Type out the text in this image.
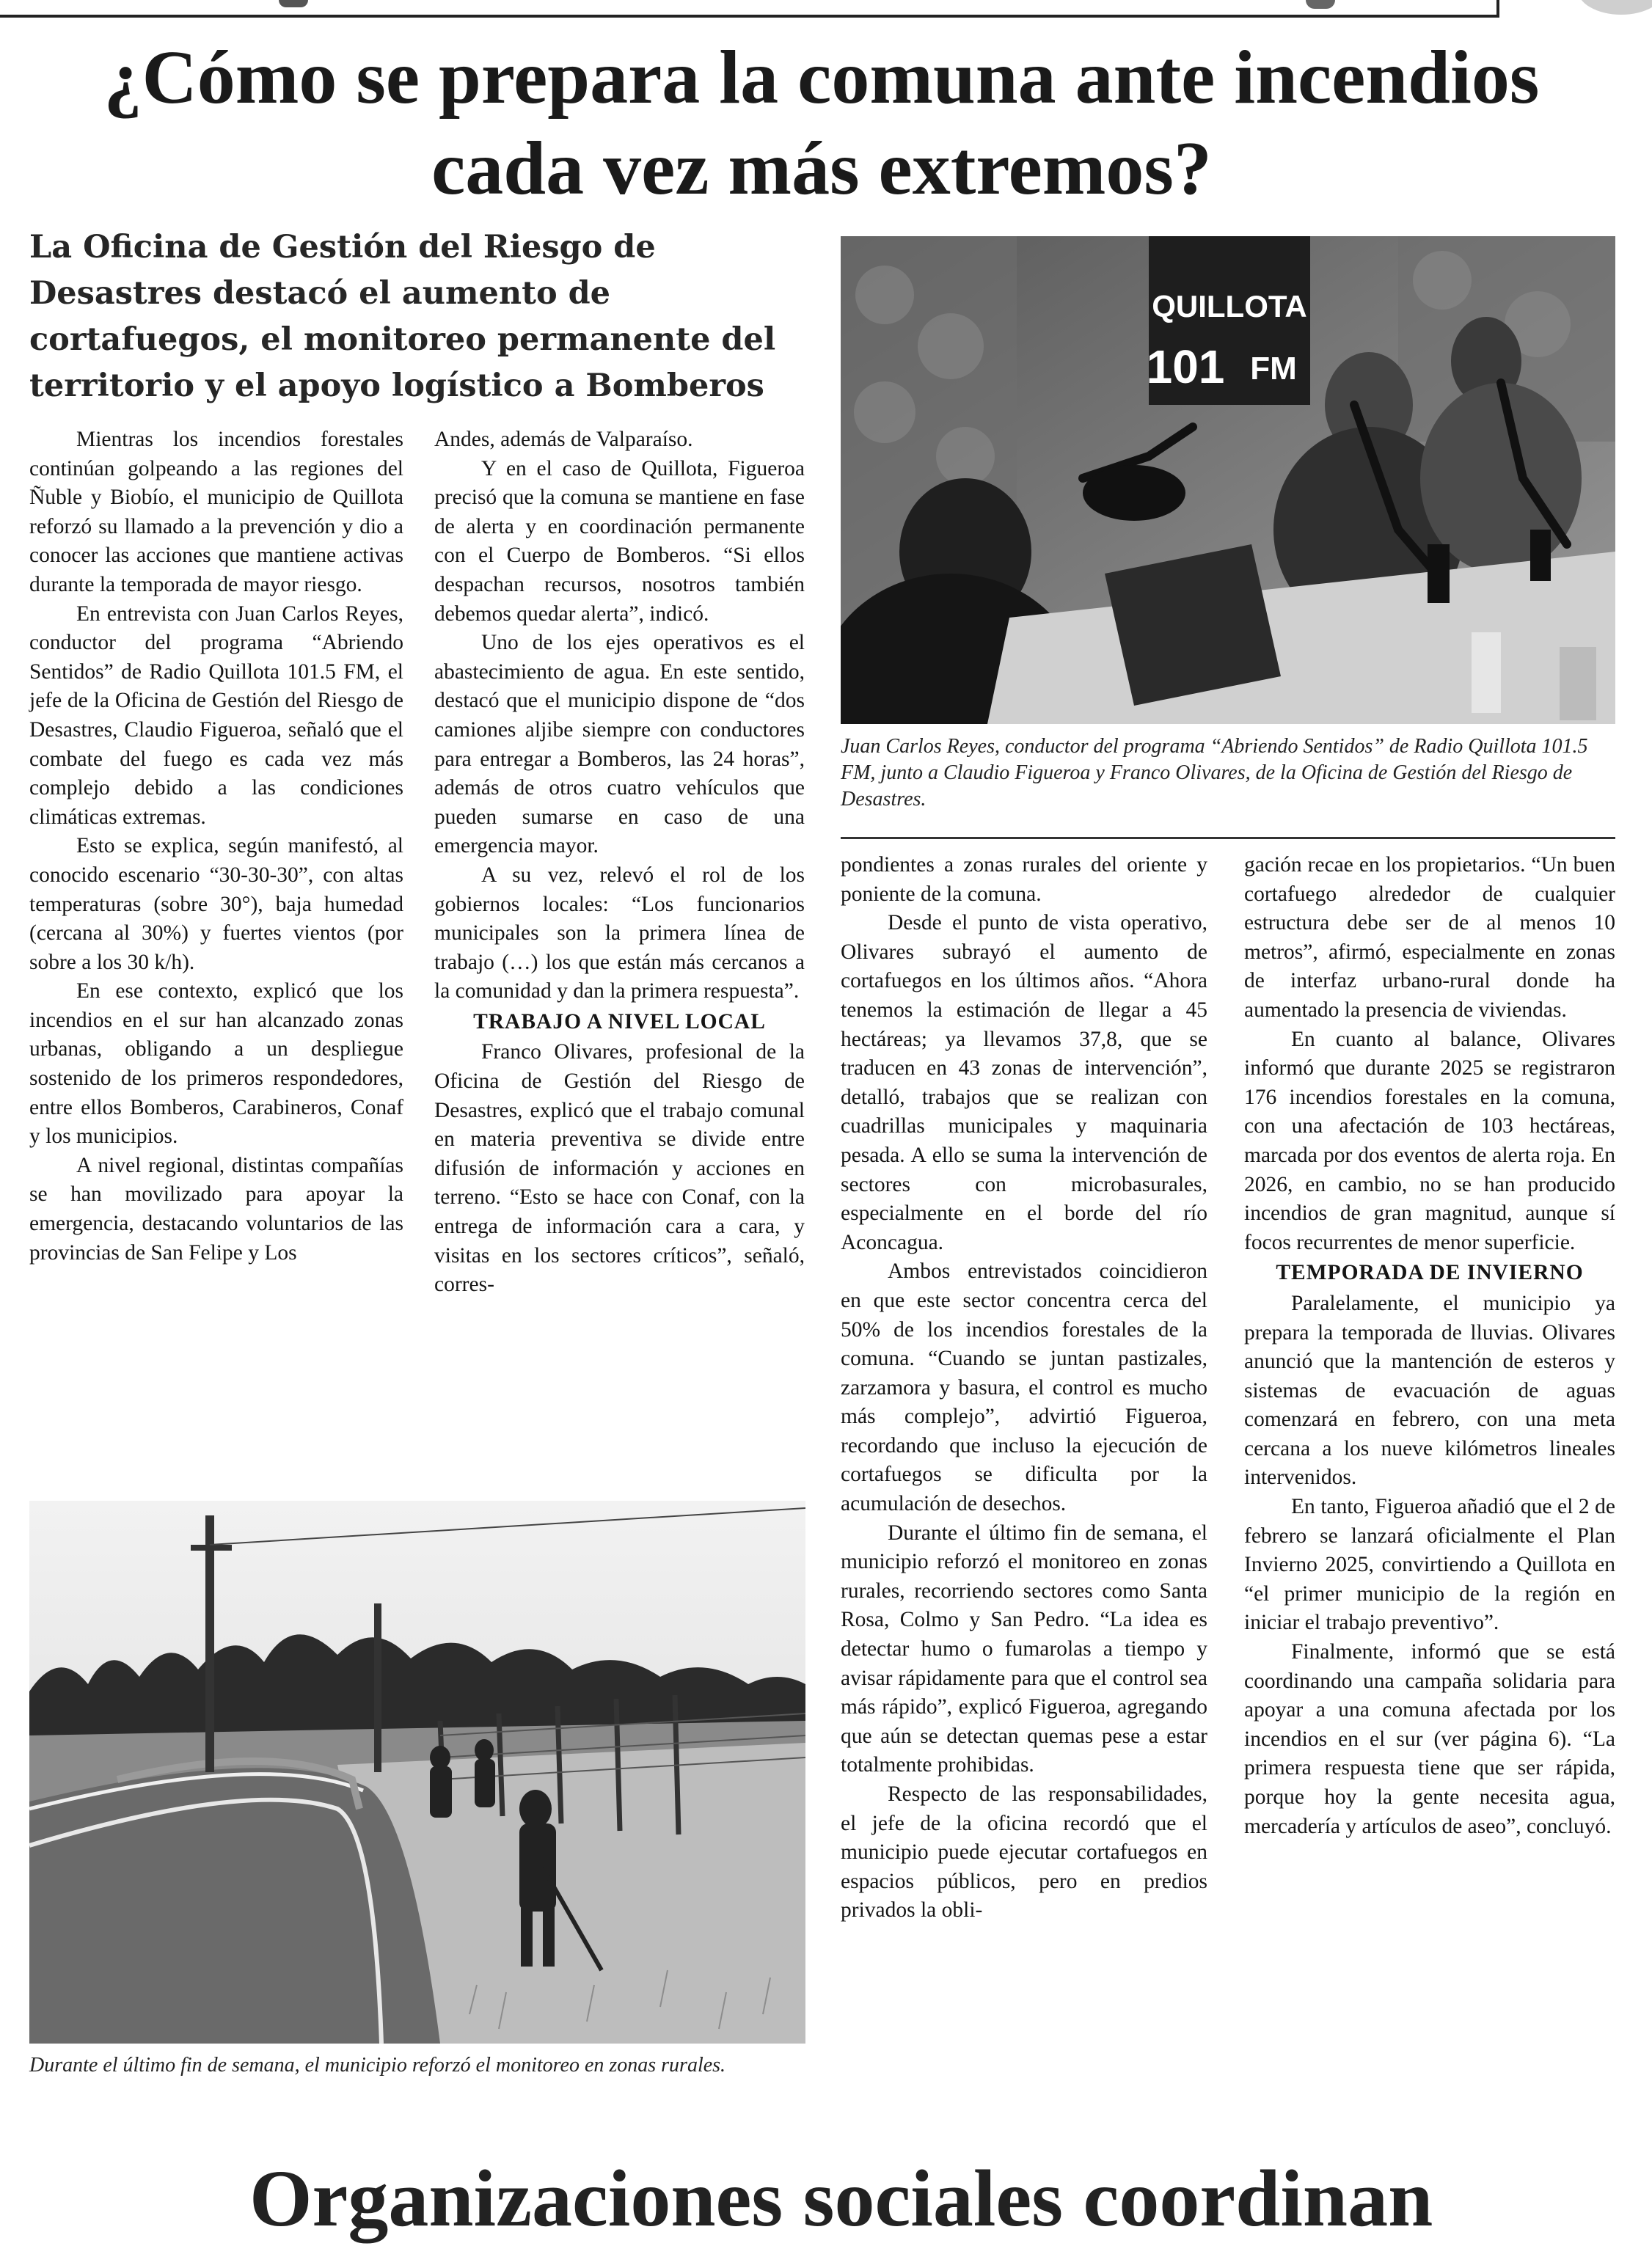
¿Cómo se prepara la comuna ante incendios cada vez más extremos?
La Oficina de Gestión del Riesgo de Desastres destacó el aumento de cortafuegos, el monitoreo permanente del territorio y el apoyo logístico a Bomberos

Mientras los incendios forestales continúan golpeando a las regiones del Ñuble y Biobío, el municipio de Quillota reforzó su llamado a la prevención y dio a conocer las acciones que mantiene activas durante la temporada de mayor riesgo.

En entrevista con Juan Carlos Reyes, conductor del programa “Abriendo Sentidos” de Radio Quillota 101.5 FM, el jefe de la Oficina de Gestión del Riesgo de Desastres, Claudio Figueroa, señaló que el combate del fuego es cada vez más complejo debido a las condiciones climáticas extremas.

Esto se explica, según manifestó, al conocido escenario “30-30-30”, con altas temperaturas (sobre 30°), baja humedad (cercana al 30%) y fuertes vientos (por sobre a los 30 k/h).

En ese contexto, explicó que los incendios en el sur han alcanzado zonas urbanas, obligando a un despliegue sostenido de los primeros respondedores, entre ellos Bomberos, Carabineros, Conaf y los municipios.

A nivel regional, distintas compañías se han movilizado para apoyar la emergencia, destacando voluntarios de las provincias de San Felipe y Los

Andes, además de Valparaíso.

Y en el caso de Quillota, Figueroa precisó que la comuna se mantiene en fase de alerta y en coordinación permanente con el Cuerpo de Bomberos. “Si ellos despachan recursos, nosotros también debemos quedar alerta”, indicó.

Uno de los ejes operativos es el abastecimiento de agua. En este sentido, destacó que el municipio dispone de “dos camiones aljibe siempre con conductores para entregar a Bomberos, las 24 horas”, además de otros cuatro vehículos que pueden sumarse en caso de una emergencia mayor.

A su vez, relevó el rol de los gobiernos locales: “Los funcionarios municipales son la primera línea de trabajo (…) los que están más cercanos a la comunidad y dan la primera respuesta”.

TRABAJO A NIVEL LOCAL

Franco Olivares, profesional de la Oficina de Gestión del Riesgo de Desastres, explicó que el trabajo comunal en materia preventiva se divide entre difusión de información y acciones en terreno. “Esto se hace con Conaf, con la entrega de información cara a cara, y visitas en los sectores críticos”, señaló, corres-

QUILLOTA
101 FM

Juan Carlos Reyes, conductor del programa “Abriendo Sentidos” de Radio Quillota 101.5 FM, junto a Claudio Figueroa y Franco Olivares, de la Oficina de Gestión del Riesgo de Desastres.

pondientes a zonas rurales del oriente y poniente de la comuna.

Desde el punto de vista operativo, Olivares subrayó el aumento de cortafuegos en los últimos años. “Ahora tenemos la estimación de llegar a 45 hectáreas; ya llevamos 37,8, que se traducen en 43 zonas de intervención”, detalló, trabajos que se realizan con cuadrillas municipales y maquinaria pesada. A ello se suma la intervención de sectores con microbasurales, especialmente en el borde del río Aconcagua.

Ambos entrevistados coincidieron en que este sector concentra cerca del 50% de los incendios forestales de la comuna. “Cuando se juntan pastizales, zarzamora y basura, el control es mucho más complejo”, advirtió Figueroa, recordando que incluso la ejecución de cortafuegos se dificulta por la acumulación de desechos.

Durante el último fin de semana, el municipio reforzó el monitoreo en zonas rurales, recorriendo sectores como Santa Rosa, Colmo y San Pedro. “La idea es detectar humo o fumarolas a tiempo y avisar rápidamente para que el control sea más rápido”, explicó Figueroa, agregando que aún se detectan quemas pese a estar totalmente prohibidas.

Respecto de las responsabilidades, el jefe de la oficina recordó que el municipio puede ejecutar cortafuegos en espacios públicos, pero en predios privados la obli-

gación recae en los propietarios. “Un buen cortafuego alrededor de cualquier estructura debe ser de al menos 10 metros”, afirmó, especialmente en zonas de interfaz urbano-rural donde ha aumentado la presencia de viviendas.

En cuanto al balance, Olivares informó que durante 2025 se registraron 176 incendios forestales en la comuna, con una afectación de 103 hectáreas, marcada por dos eventos de alerta roja. En 2026, en cambio, no se han producido incendios de gran magnitud, aunque sí focos recurrentes de menor superficie.

TEMPORADA DE INVIERNO

Paralelamente, el municipio ya prepara la temporada de lluvias. Olivares anunció que la mantención de esteros y sistemas de evacuación de aguas comenzará en febrero, con una meta cercana a los nueve kilómetros lineales intervenidos.

En tanto, Figueroa añadió que el 2 de febrero se lanzará oficialmente el Plan Invierno 2025, convirtiendo a Quillota en “el primer municipio de la región en iniciar el trabajo preventivo”.

Finalmente, informó que se está coordinando una campaña solidaria para apoyar a una comuna afectada por los incendios en el sur (ver página 6). “La primera respuesta tiene que ser rápida, porque hoy la gente necesita agua, mercadería y artículos de aseo”, concluyó.

Durante el último fin de semana, el municipio reforzó el monitoreo en zonas rurales.

Organizaciones sociales coordinan
